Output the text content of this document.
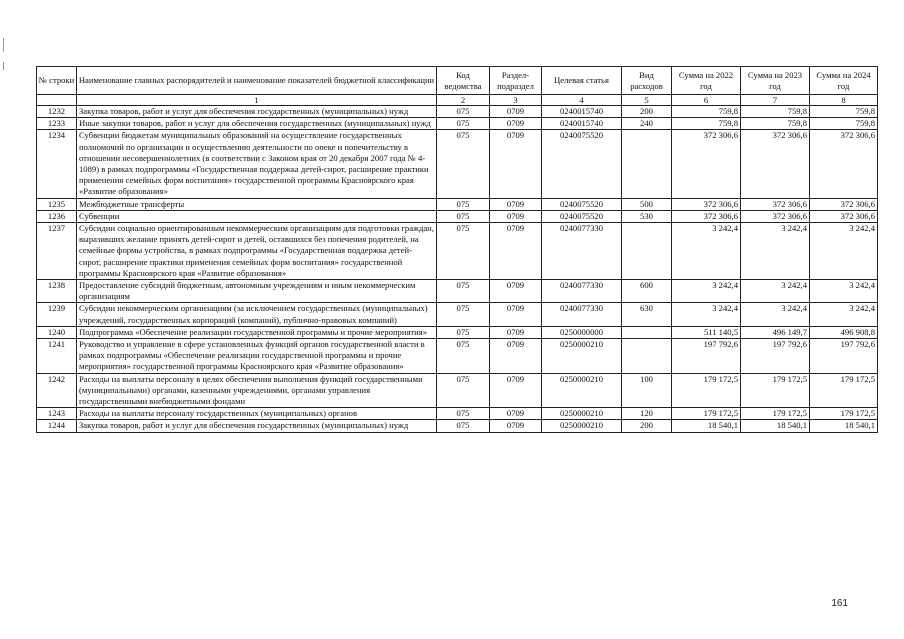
№ строки	Наименование главных распорядителей и наименование показателей бюджетной классификации	Код ведомства	Раздел-подраздел	Целевая статья	Вид расходов	Сумма на 2022 год	Сумма на 2023 год	Сумма на 2024 год
	1	2	3	4	5	6	7	8
1232	Закупка товаров, работ и услуг для обеспечения государственных (муниципальных) нужд	075	0709	0240015740	200	759,8	759,8	759,8
1233	Иные закупки товаров, работ и услуг для обеспечения государственных (муниципальных) нужд	075	0709	0240015740	240	759,8	759,8	759,8
1234	Субвенции бюджетам муниципальных образований на осуществление государственных полномочий по организации и осуществлению деятельности по опеке и попечительству в отношении несовершеннолетних (в соответствии с Законом края от 20 декабря 2007 года № 4-1089) в рамках подпрограммы «Государственная поддержка детей-сирот, расширение практики применения семейных форм воспитания» государственной программы Красноярского края «Развитие образования»	075	0709	0240075520		372 306,6	372 306,6	372 306,6
1235	Межбюджетные трансферты	075	0709	0240075520	500	372 306,6	372 306,6	372 306,6
1236	Субвенции	075	0709	0240075520	530	372 306,6	372 306,6	372 306,6
1237	Субсидии социально ориентированным некоммерческим организациям для подготовки граждан, выразивших желание принять детей-сирот и детей, оставшихся без попечения родителей, на семейные формы устройства, в рамках подпрограммы «Государственная поддержка детей-сирот, расширение практики применения семейных форм воспитания» государственной программы Красноярского края «Развитие образования»	075	0709	0240077330		3 242,4	3 242,4	3 242,4
1238	Предоставление субсидий бюджетным, автономным учреждениям и иным некоммерческим организациям	075	0709	0240077330	600	3 242,4	3 242,4	3 242,4
1239	Субсидии некоммерческим организациям (за исключением государственных (муниципальных) учреждений, государственных корпораций (компаний), публично-правовых компаний)	075	0709	0240077330	630	3 242,4	3 242,4	3 242,4
1240	Подпрограмма «Обеспечение реализации государственной программы и прочие мероприятия»	075	0709	0250000000		511 140,5	496 149,7	496 908,8
1241	Руководство и управление в сфере установленных функций органов государственной власти в рамках подпрограммы «Обеспечение реализации государственной программы и прочие мероприятия» государственной программы Красноярского края «Развитие образования»	075	0709	0250000210		197 792,6	197 792,6	197 792,6
1242	Расходы на выплаты персоналу в целях обеспечения выполнения функций государственными (муниципальными) органами, казенными учреждениями, органами управления государственными внебюджетными фондами	075	0709	0250000210	100	179 172,5	179 172,5	179 172,5
1243	Расходы на выплаты персоналу государственных (муниципальных) органов	075	0709	0250000210	120	179 172,5	179 172,5	179 172,5
1244	Закупка товаров, работ и услуг для обеспечения государственных (муниципальных) нужд	075	0709	0250000210	200	18 540,1	18 540,1	18 540,1
161
